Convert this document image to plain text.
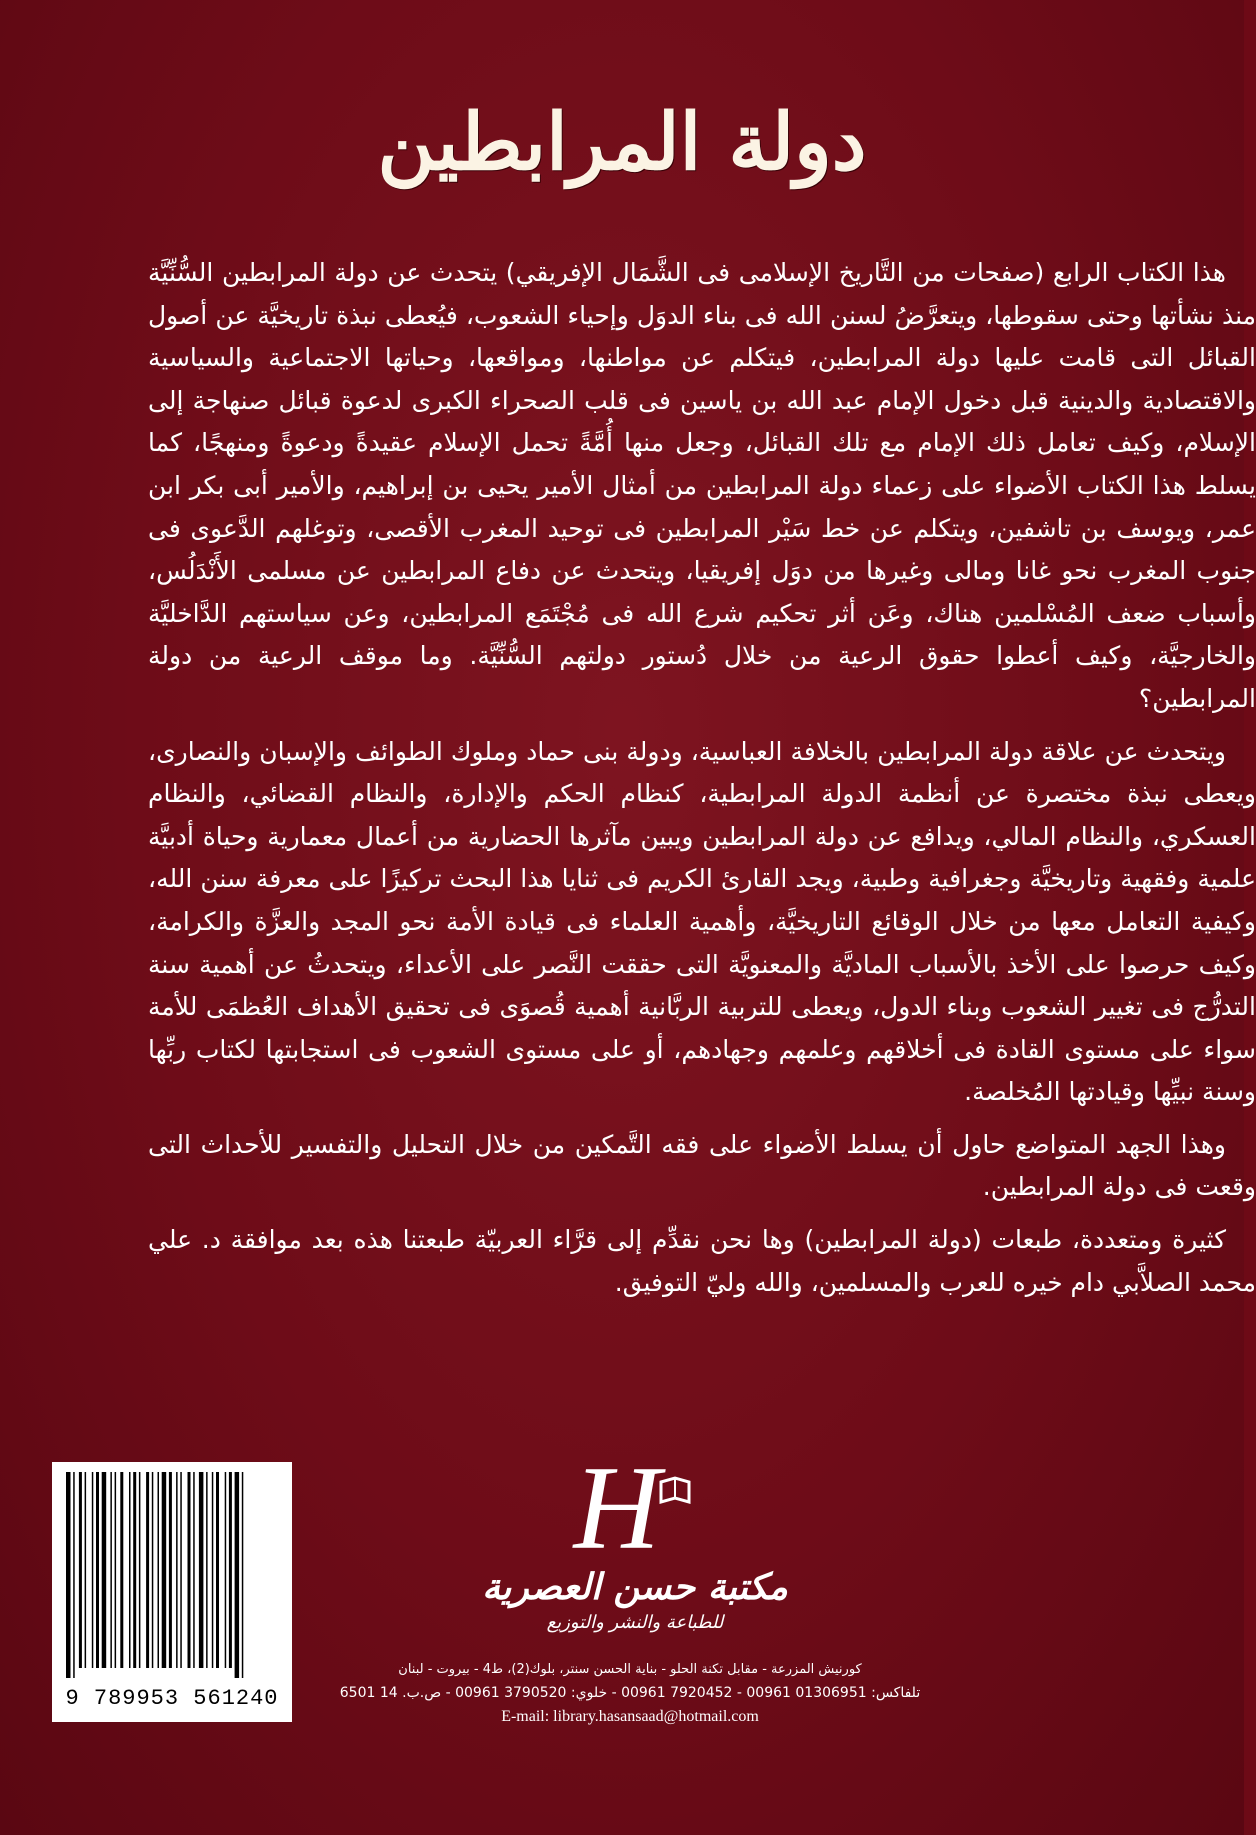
دولة المرابطين

هذا الكتاب الرابع (صفحات من التَّاريخ الإسلامى فى الشَّمَال الإفريقي) يتحدث عن دولة المرابطين السُّنِّيَّة منذ نشأتها وحتى سقوطها، ويتعرَّضُ لسنن الله فى بناء الدوَل وإحياء الشعوب، فيُعطى نبذة تاريخيَّة عن أصول القبائل التى قامت عليها دولة المرابطين، فيتكلم عن مواطنها، ومواقعها، وحياتها الاجتماعية والسياسية والاقتصادية والدينية قبل دخول الإمام عبد الله بن ياسين فى قلب الصحراء الكبرى لدعوة قبائل صنهاجة إلى الإسلام، وكيف تعامل ذلك الإمام مع تلك القبائل، وجعل منها أُمَّةً تحمل الإسلام عقيدةً ودعوةً ومنهجًا، كما يسلط هذا الكتاب الأضواء على زعماء دولة المرابطين من أمثال الأمير يحيى بن إبراهيم، والأمير أبى بكر ابن عمر، ويوسف بن تاشفين، ويتكلم عن خط سَيْر المرابطين فى توحيد المغرب الأقصى، وتوغلهم الدَّعوى فى جنوب المغرب نحو غانا ومالى وغيرها من دوَل إفريقيا، ويتحدث عن دفاع المرابطين عن مسلمى الأَنْدَلُس، وأسباب ضعف المُسْلمين هناك، وعَن أثر تحكيم شرع الله فى مُجْتَمَع المرابطين، وعن سياستهم الدَّاخليَّة والخارجيَّة، وكيف أعطوا حقوق الرعية من خلال دُستور دولتهم السُّنِّيَّة. وما موقف الرعية من دولة المرابطين؟

ويتحدث عن علاقة دولة المرابطين بالخلافة العباسية، ودولة بنى حماد وملوك الطوائف والإسبان والنصارى، ويعطى نبذة مختصرة عن أنظمة الدولة المرابطية، كنظام الحكم والإدارة، والنظام القضائي، والنظام العسكري، والنظام المالي، ويدافع عن دولة المرابطين ويبين مآثرها الحضارية من أعمال معمارية وحياة أدبيَّة علمية وفقهية وتاريخيَّة وجغرافية وطبية، ويجد القارئ الكريم فى ثنايا هذا البحث تركيزًا على معرفة سنن الله، وكيفية التعامل معها من خلال الوقائع التاريخيَّة، وأهمية العلماء فى قيادة الأمة نحو المجد والعزَّة والكرامة، وكيف حرصوا على الأخذ بالأسباب الماديَّة والمعنويَّة التى حققت النَّصر على الأعداء، ويتحدثُ عن أهمية سنة التدرُّج فى تغيير الشعوب وبناء الدول، ويعطى للتربية الربَّانية أهمية قُصوَى فى تحقيق الأهداف العُظمَى للأمة سواء على مستوى القادة فى أخلاقهم وعلمهم وجهادهم، أو على مستوى الشعوب فى استجابتها لكتاب ربِّها وسنة نبيِّها وقيادتها المُخلصة.

وهذا الجهد المتواضع حاول أن يسلط الأضواء على فقه التَّمكين من خلال التحليل والتفسير للأحداث التى وقعت فى دولة المرابطين.

كثيرة ومتعددة، طبعات (دولة المرابطين) وها نحن نقدِّم إلى قرَّاء العربيّة طبعتنا هذه بعد موافقة د. علي محمد الصلاَّبي دام خيره للعرب والمسلمين، والله وليّ التوفيق.

H
مكتبة حسن العصرية
للطباعة والنشر والتوزيع
كورنيش المزرعة - مقابل تكنة الحلو - بناية الحسن سنتر، بلوك(2)، ط4 - بيروت - لبنان
تلفاكس: 01306951 00961 - 7920452 00961 - خلوي: 3790520 00961 - ص.ب. 14 6501
E-mail: library.hasansaad@hotmail.com
9 789953 561240
